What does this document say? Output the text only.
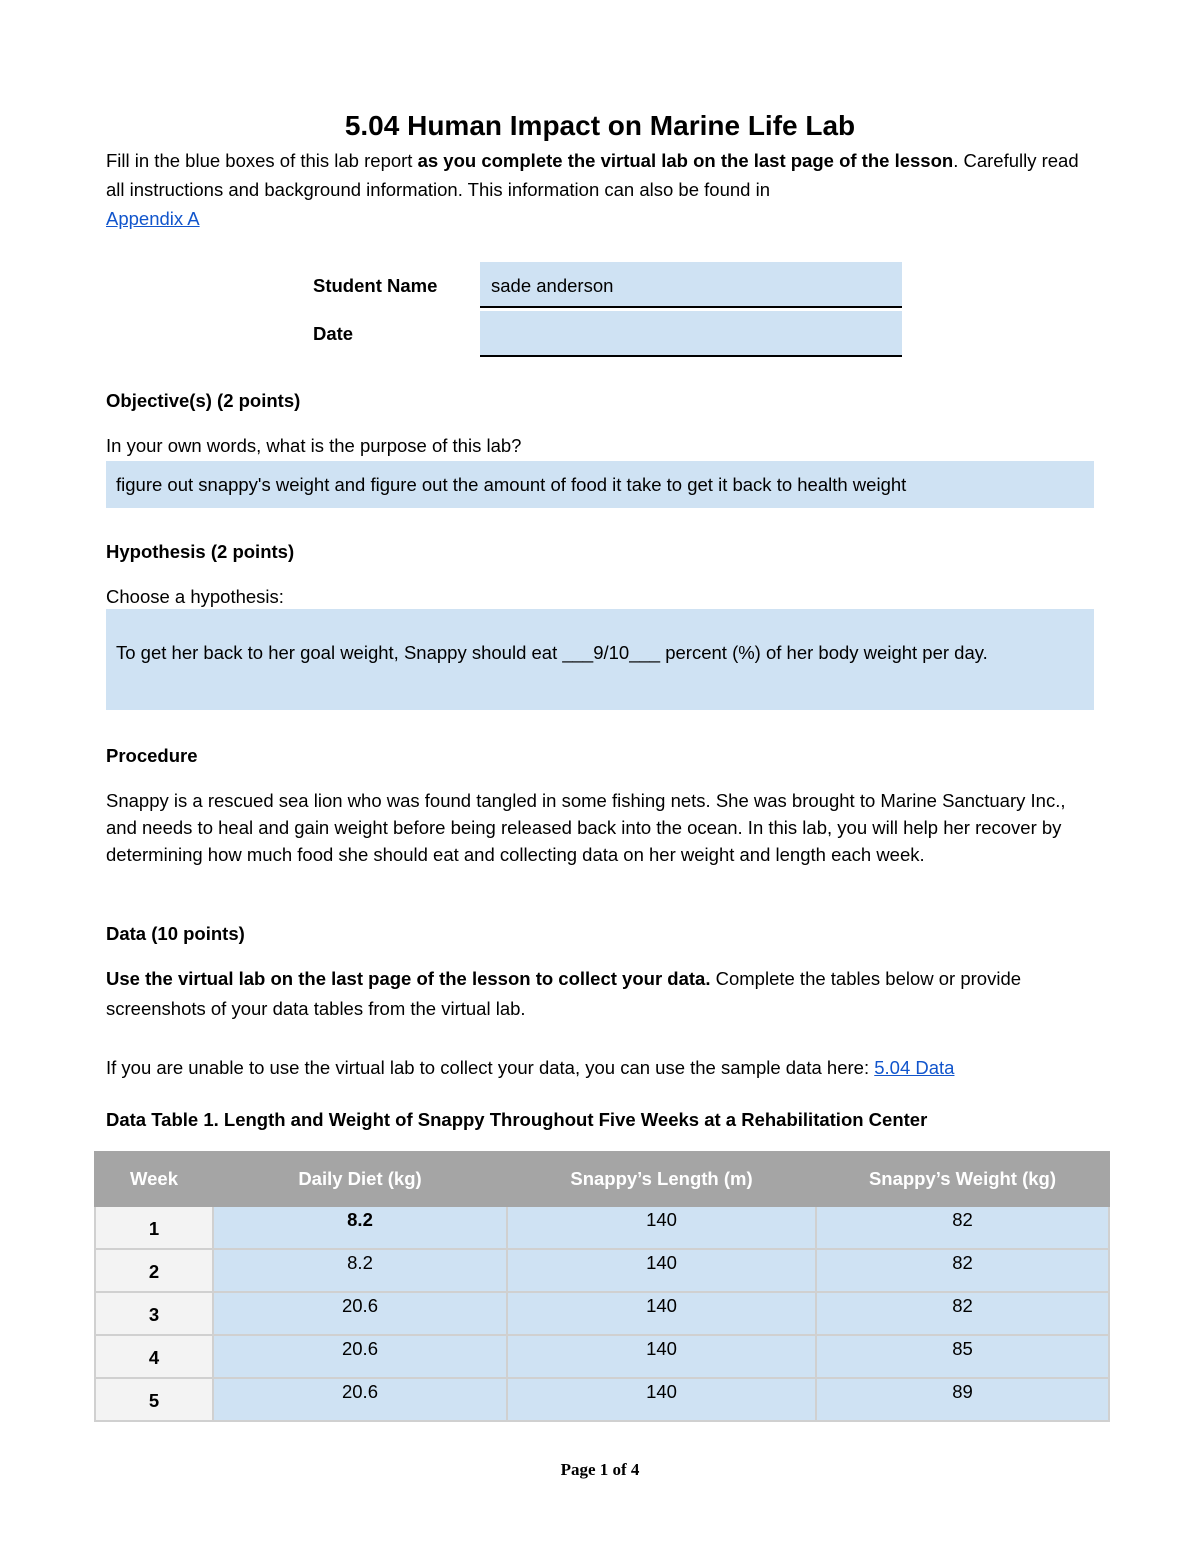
5.04 Human Impact on Marine Life Lab
Fill in the blue boxes of this lab report as you complete the virtual lab on the last page of the lesson. Carefully read all instructions and background information. This information can also be found in
Appendix A
Student Name	sade anderson
Date
Objective(s) (2 points)
In your own words, what is the purpose of this lab?
figure out snappy's weight and figure out the amount of food it take to get it back to health weight
Hypothesis (2 points)
Choose a hypothesis:
To get her back to her goal weight, Snappy should eat ___9/10___ percent (%) of her body weight per day.
Procedure
Snappy is a rescued sea lion who was found tangled in some fishing nets. She was brought to Marine Sanctuary Inc., and needs to heal and gain weight before being released back into the ocean. In this lab, you will help her recover by determining how much food she should eat and collecting data on her weight and length each week.
Data (10 points)
Use the virtual lab on the last page of the lesson to collect your data. Complete the tables below or provide screenshots of your data tables from the virtual lab.
If you are unable to use the virtual lab to collect your data, you can use the sample data here: 5.04 Data
Data Table 1. Length and Weight of Snappy Throughout Five Weeks at a Rehabilitation Center
Week	Daily Diet (kg)	Snappy’s Length (m)	Snappy’s Weight (kg)
1	8.2	140	82
2	8.2	140	82
3	20.6	140	82
4	20.6	140	85
5	20.6	140	89
Page 1 of 4
